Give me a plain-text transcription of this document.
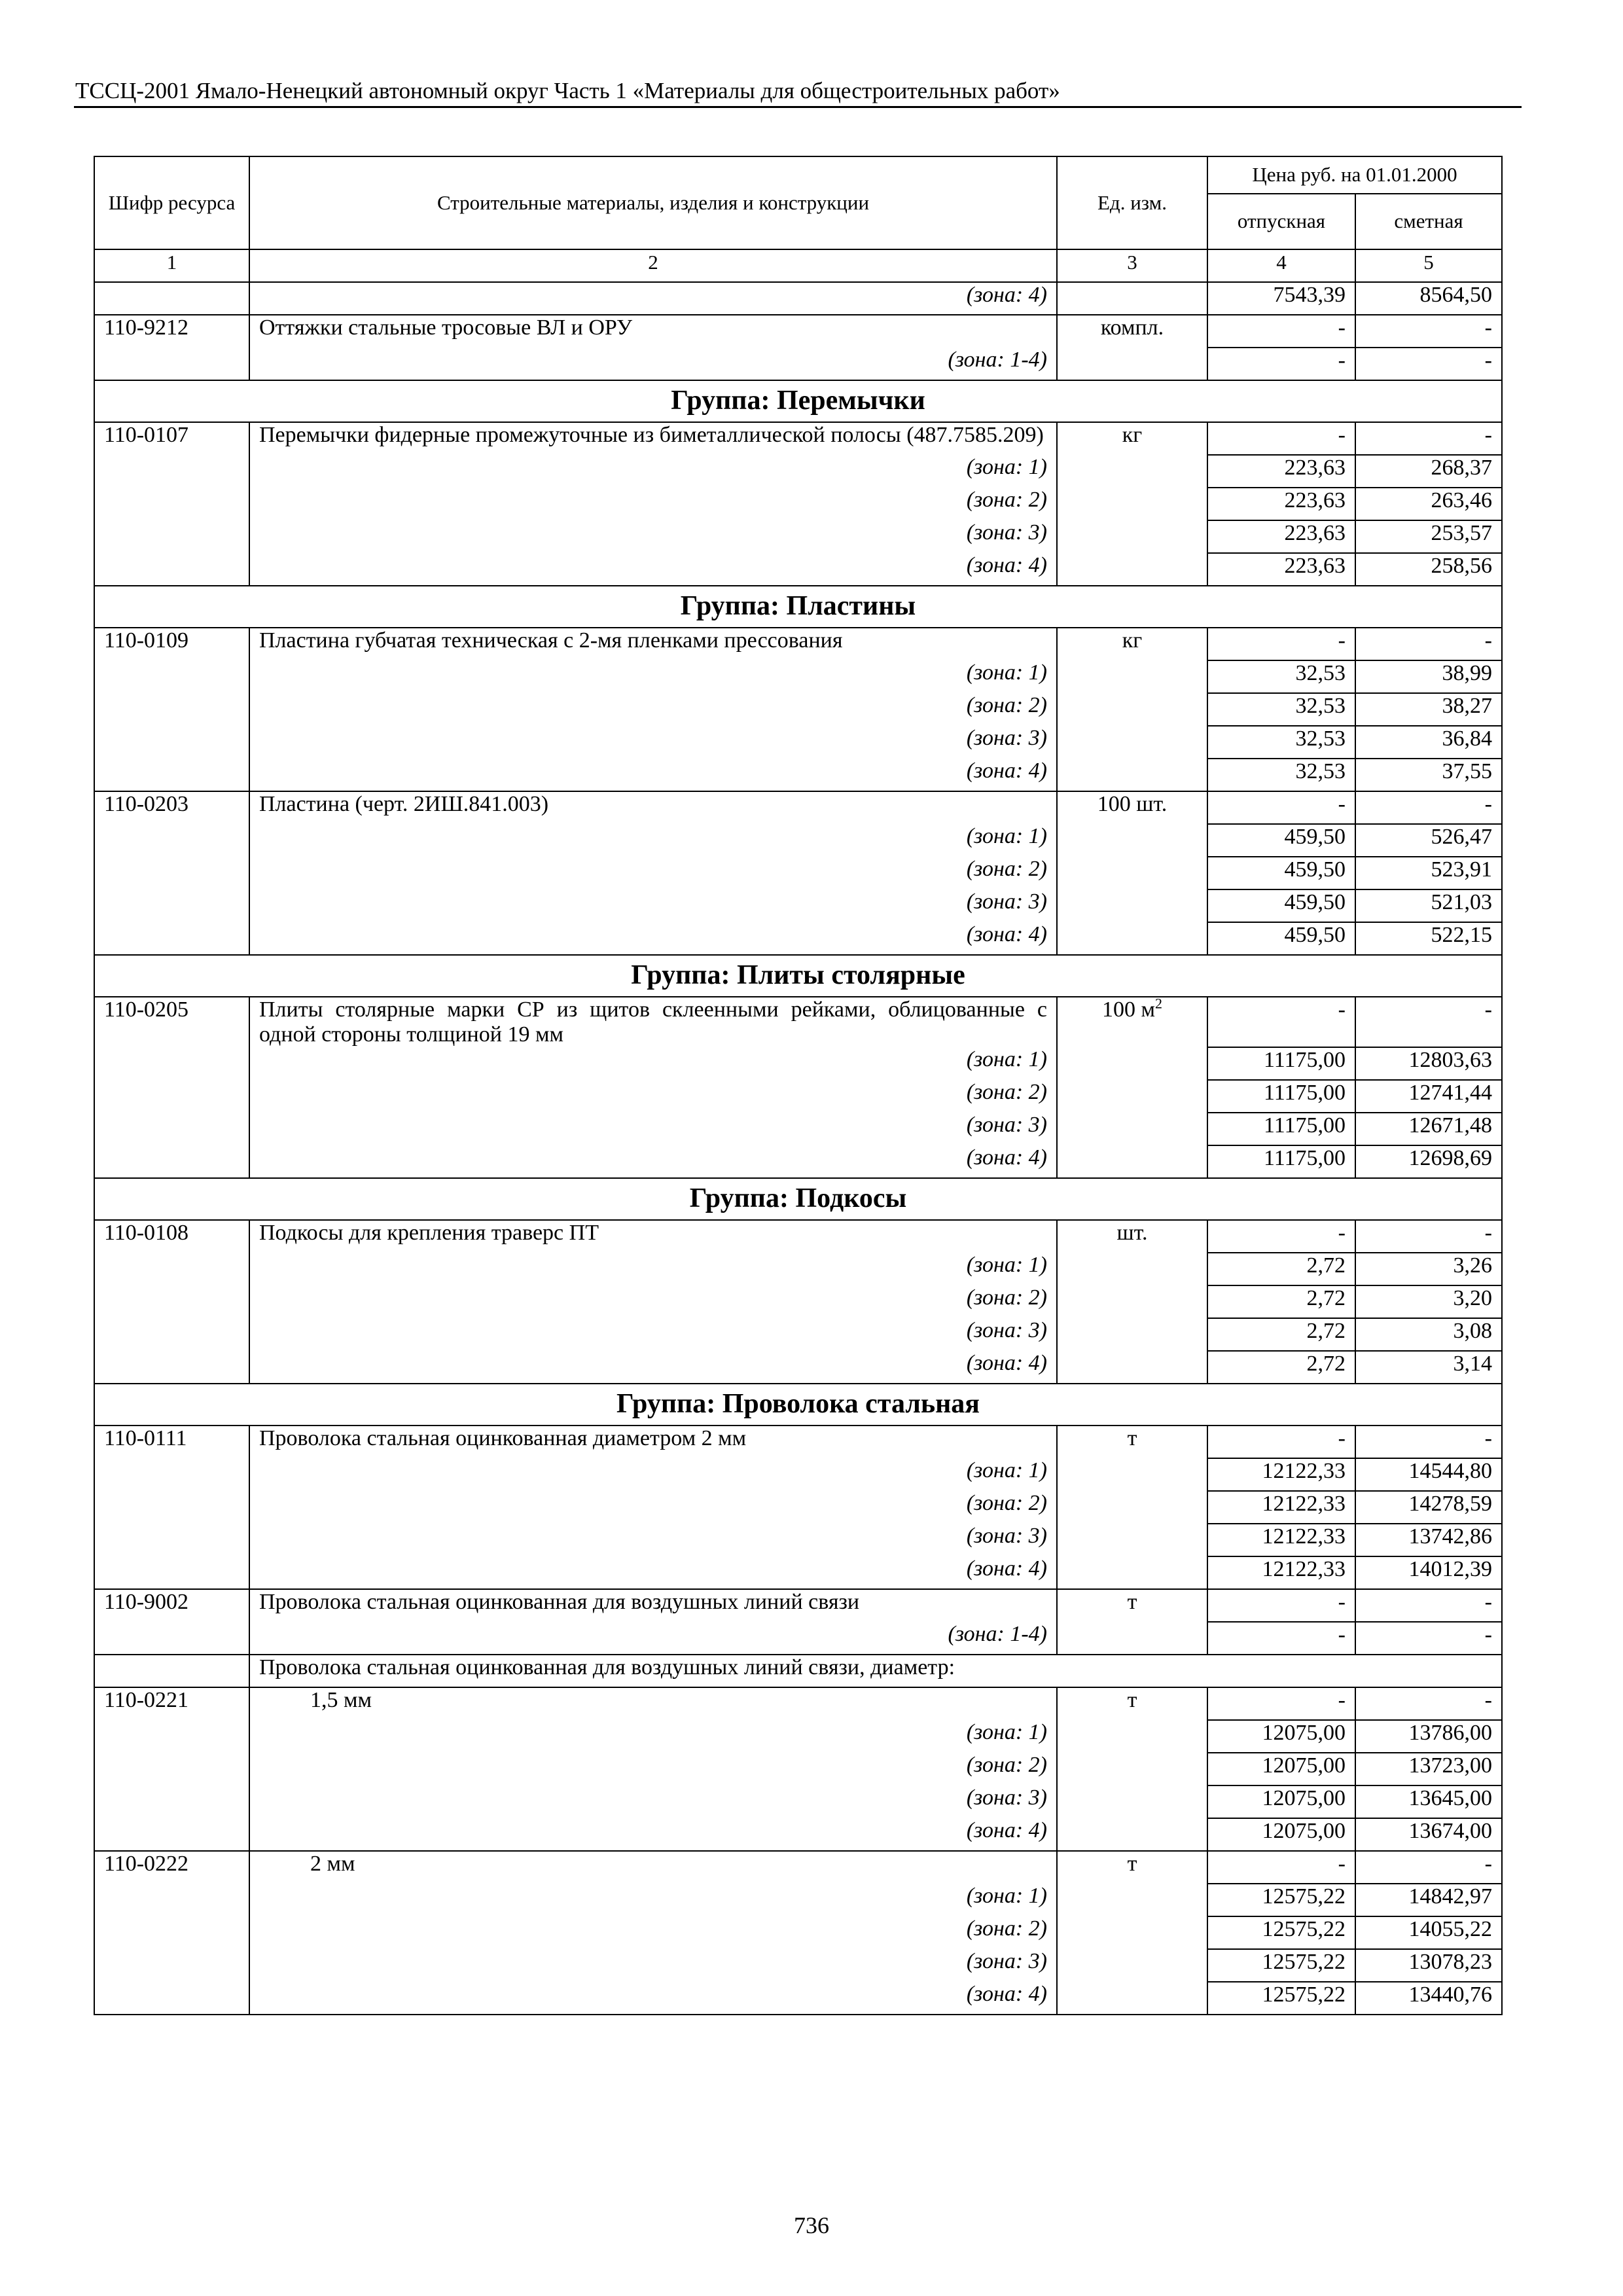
ТССЦ-2001 Ямало-Ненецкий автономный округ Часть 1 «Материалы для общестроительных работ»
Шифр ресурса	Строительные материалы, изделия и конструкции	Ед. изм.	Цена руб. на 01.01.2000	
			отпускная	сметная
1	2	3	4	5
	(зона: 4)		7543,39	8564,50
110-9212	Оттяжки стальные тросовые ВЛ и ОРУ	компл.	-	-
	(зона: 1-4)		-	-
Группа: Перемычки				
110-0107	Перемычки фидерные промежуточные из биметаллической полосы (487.7585.209)	кг	-	-
	(зона: 1)		223,63	268,37
	(зона: 2)		223,63	263,46
	(зона: 3)		223,63	253,57
	(зона: 4)		223,63	258,56
Группа: Пластины				
110-0109	Пластина губчатая техническая с 2-мя пленками прессования	кг	-	-
	(зона: 1)		32,53	38,99
	(зона: 2)		32,53	38,27
	(зона: 3)		32,53	36,84
	(зона: 4)		32,53	37,55
110-0203	Пластина (черт. 2ИШ.841.003)	100 шт.	-	-
	(зона: 1)		459,50	526,47
	(зона: 2)		459,50	523,91
	(зона: 3)		459,50	521,03
	(зона: 4)		459,50	522,15
Группа: Плиты столярные				
110-0205	Плиты столярные марки СР из щитов склеенными рейками, облицованные с одной стороны толщиной 19 мм	100 $м^2$	-	-
	(зона: 1)		11175,00	12803,63
	(зона: 2)		11175,00	12741,44
	(зона: 3)		11175,00	12671,48
	(зона: 4)		11175,00	12698,69
Группа: Подкосы				
110-0108	Подкосы для крепления траверс ПТ	шт.	-	-
	(зона: 1)		2,72	3,26
	(зона: 2)		2,72	3,20
	(зона: 3)		2,72	3,08
	(зона: 4)		2,72	3,14
Группа: Проволока стальная				
110-0111	Проволока стальная оцинкованная диаметром 2 мм	т	-	-
	(зона: 1)		12122,33	14544,80
	(зона: 2)		12122,33	14278,59
	(зона: 3)		12122,33	13742,86
	(зона: 4)		12122,33	14012,39
110-9002	Проволока стальная оцинкованная для воздушных линий связи	т	-	-
	(зона: 1-4)		-	-
	Проволока стальная оцинкованная для воздушных линий связи, диаметр:			
110-0221	1,5 мм	т	-	-
	(зона: 1)		12075,00	13786,00
	(зона: 2)		12075,00	13723,00
	(зона: 3)		12075,00	13645,00
	(зона: 4)		12075,00	13674,00
110-0222	2 мм	т	-	-
	(зона: 1)		12575,22	14842,97
	(зона: 2)		12575,22	14055,22
	(зона: 3)		12575,22	13078,23
	(зона: 4)		12575,22	13440,76
736
